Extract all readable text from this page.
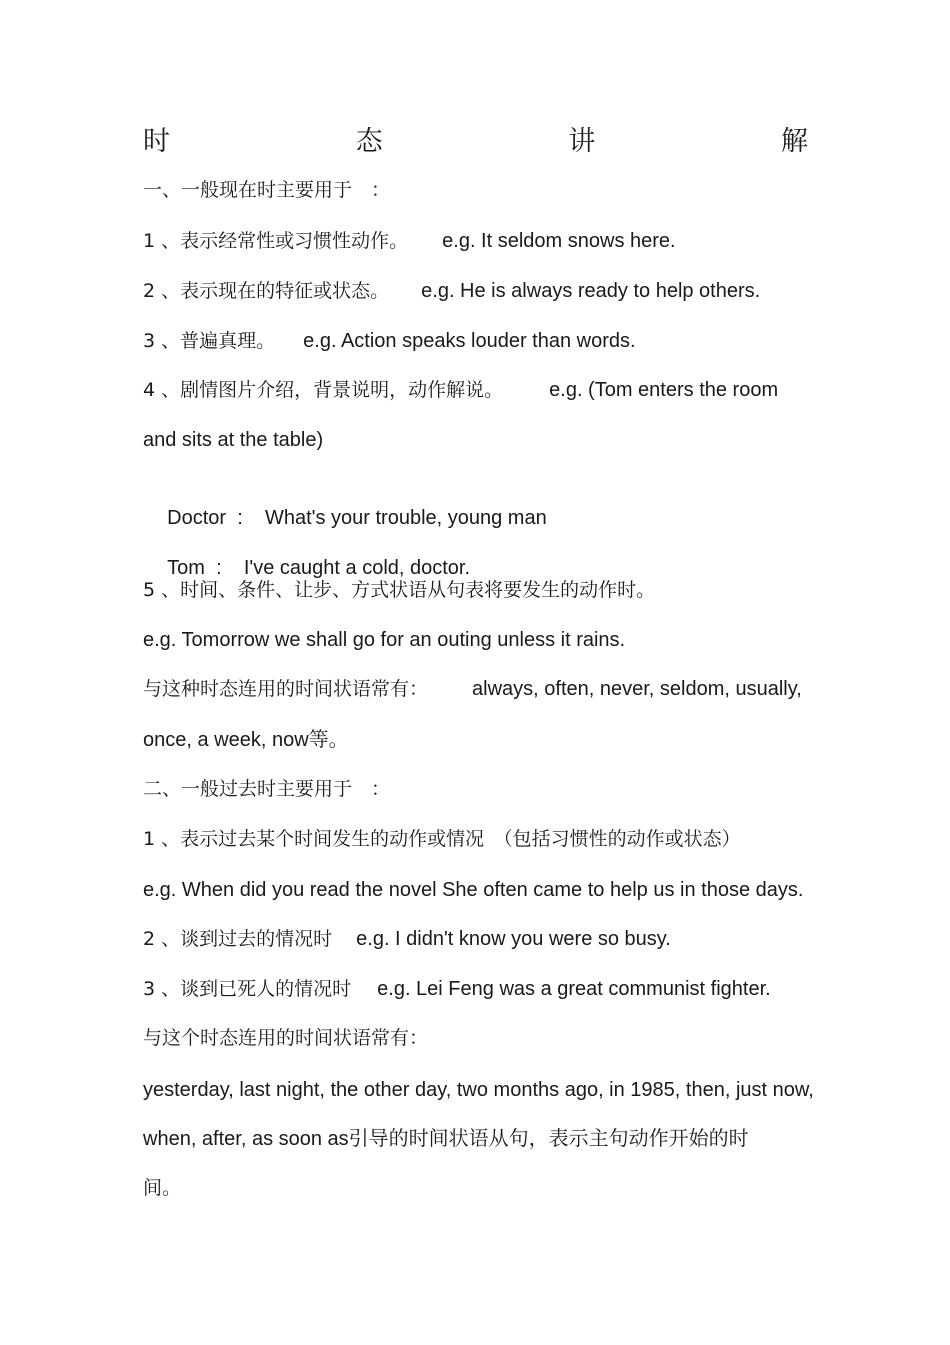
时	态	讲	解
一、一般现在时主要用于　：
1 、表示经常性或习惯性动作。 e.g. It seldom snows here.
2 、表示现在的特征或状态。 e.g. He is always ready to help others.
3 、普遍真理。 e.g. Action speaks louder than words.
4 、剧情图片介绍，背景说明，动作解说。 e.g. (Tom enters the room
and sits at the table)

Doctor  :    What's your trouble, young man

Tom  :    I've caught a cold, doctor.

5 、时间、条件、让步、方式状语从句表将要发生的动作时。
e.g. Tomorrow we shall go for an outing unless it rains.
与这种时态连用的时间状语常有： always, often, never, seldom, usually,
once, a week, now等。
二、一般过去时主要用于　：
1 、表示过去某个时间发生的动作或情况　（包括习惯性的动作或状态）
e.g. When did you read the novel She often came to help us in those days.
2 、谈到过去的情况时 e.g. I didn't know you were so busy.
3 、谈到已死人的情况时 e.g. Lei Feng was a great communist fighter.
与这个时态连用的时间状语常有：
yesterday, last night, the other day, two months ago, in 1985, then, just now,
when, after, as soon as引导的时间状语从句，表示主句动作开始的时
间。
